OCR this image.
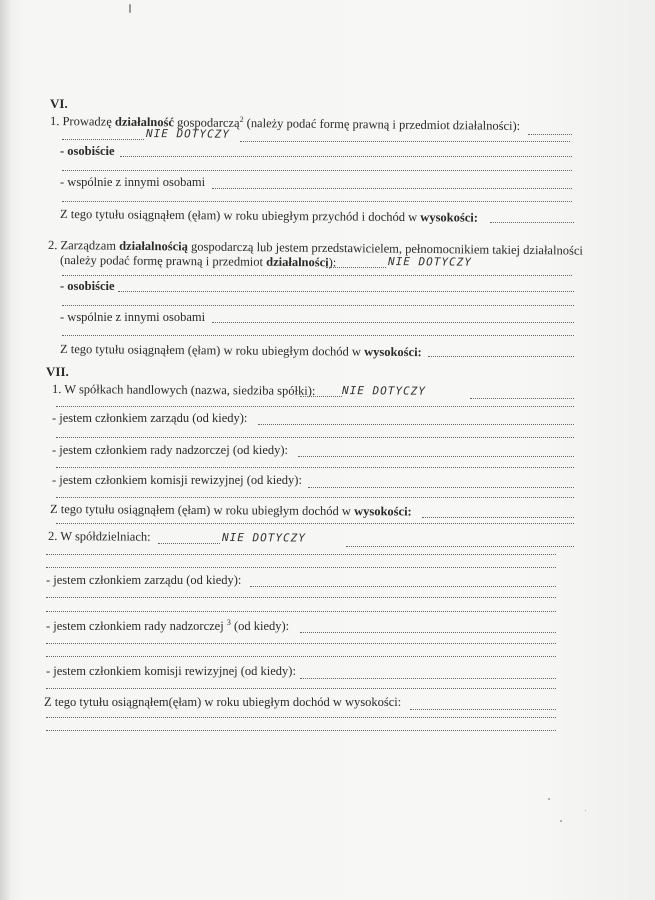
VI.
1. Prowadzę działalność gospodarczą$^2$ (należy podać formę prawną i przedmiot działalności):
NIE DOTYCZY
- osobiście
- wspólnie z innymi osobami
Z tego tytułu osiągnąłem (ęłam) w roku ubiegłym przychód i dochód w wysokości:
2. Zarządzam działalnością gospodarczą lub jestem przedstawicielem, pełnomocnikiem takiej działalności
(należy podać formę prawną i przedmiot działalności):	NIE DOTYCZY
- osobiście
- wspólnie z innymi osobami
Z tego tytułu osiągnąłem (ęłam) w roku ubiegłym dochód w wysokości:
VII.
1. W spółkach handlowych (nazwa, siedziba spółki):	NIE DOTYCZY
- jestem członkiem zarządu (od kiedy):
- jestem członkiem rady nadzorczej (od kiedy):
- jestem członkiem komisji rewizyjnej (od kiedy):
Z tego tytułu osiągnąłem (ęłam) w roku ubiegłym dochód w wysokości:
2. W spółdzielniach:	NIE DOTYCZY
- jestem członkiem zarządu (od kiedy):
- jestem członkiem rady nadzorczej $^3$ (od kiedy):
- jestem członkiem komisji rewizyjnej (od kiedy):
Z tego tytułu osiągnąłem(ęłam) w roku ubiegłym dochód w wysokości:
